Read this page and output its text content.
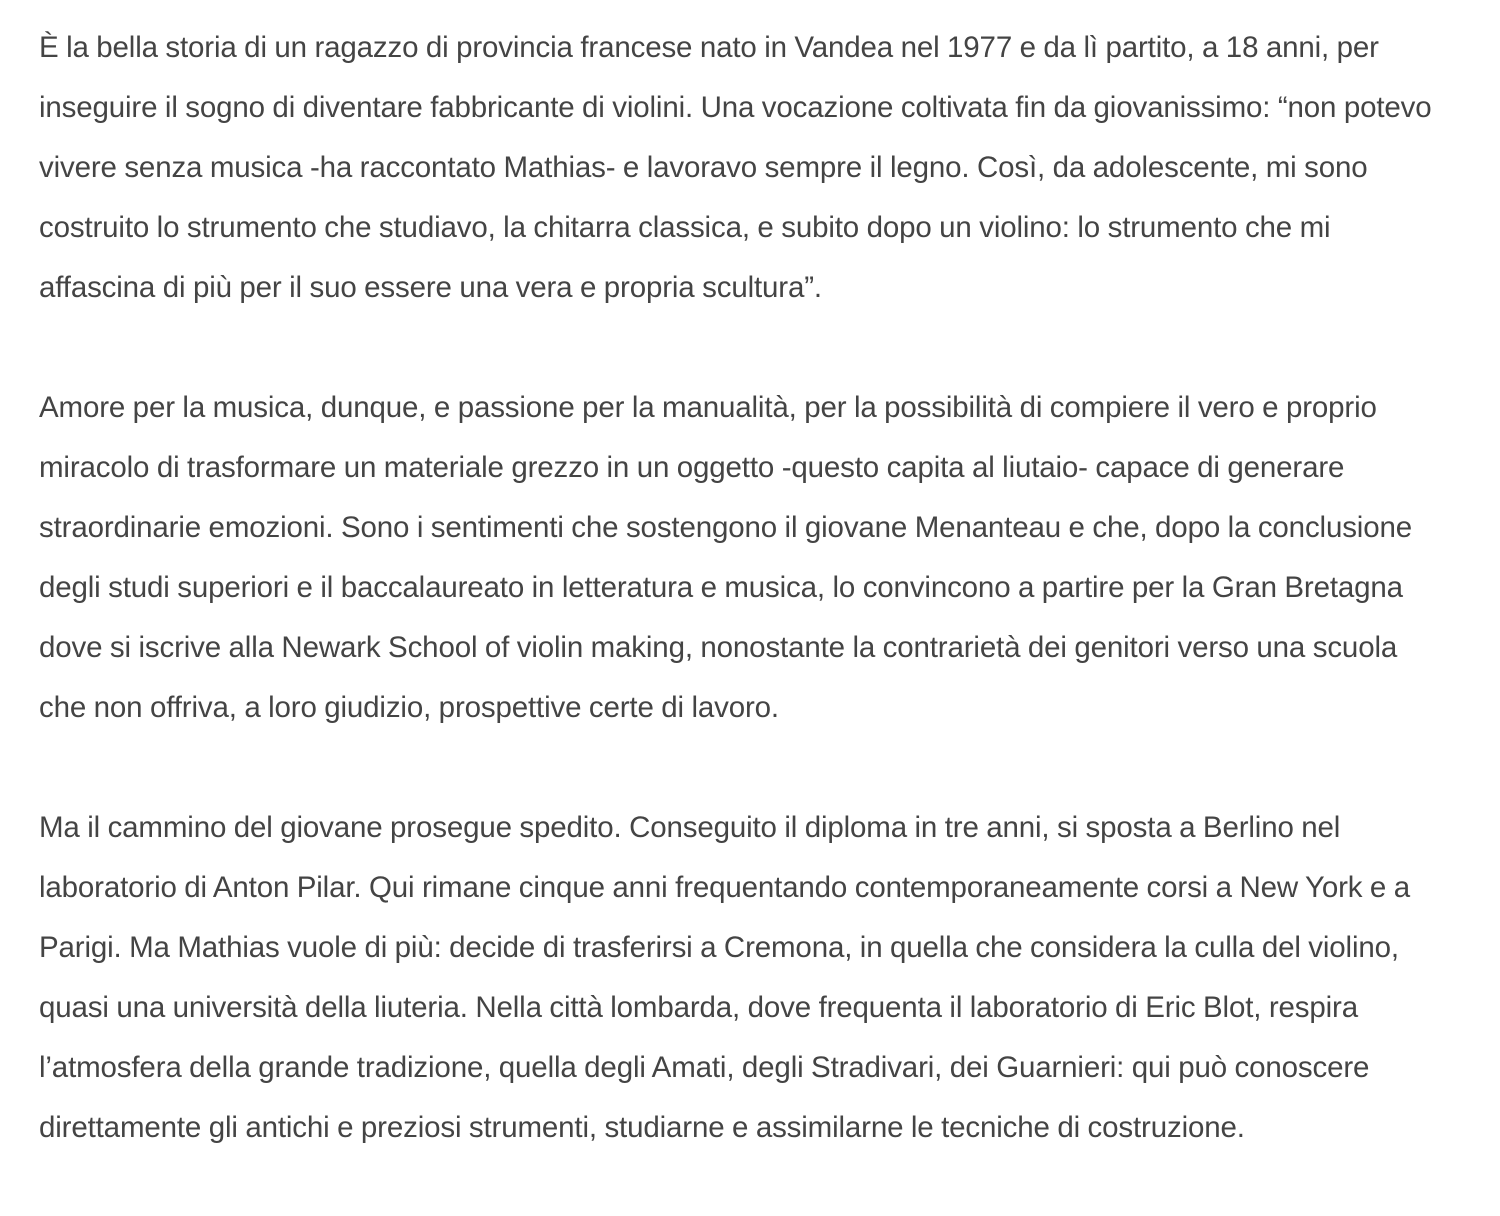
È la bella storia di un ragazzo di provincia francese nato in Vandea nel 1977 e da lì partito, a 18 anni, per inseguire il sogno di diventare fabbricante di violini. Una vocazione coltivata fin da giovanissimo: “non potevo vivere senza musica -ha raccontato Mathias- e lavoravo sempre il legno. Così, da adolescente, mi sono costruito lo strumento che studiavo, la chitarra classica, e subito dopo un violino: lo strumento che mi affascina di più per il suo essere una vera e propria scultura”.

Amore per la musica, dunque, e passione per la manualità, per la possibilità di compiere il vero e proprio miracolo di trasformare un materiale grezzo in un oggetto -questo capita al liutaio- capace di generare straordinarie emozioni. Sono i sentimenti che sostengono il giovane Menanteau e che, dopo la conclusione degli studi superiori e il baccalaureato in letteratura e musica, lo convincono a partire per la Gran Bretagna dove si iscrive alla Newark School of violin making, nonostante la contrarietà dei genitori verso una scuola che non offriva, a loro giudizio, prospettive certe di lavoro.

Ma il cammino del giovane prosegue spedito. Conseguito il diploma in tre anni, si sposta a Berlino nel laboratorio di Anton Pilar. Qui rimane cinque anni frequentando contemporaneamente corsi a New York e a Parigi. Ma Mathias vuole di più: decide di trasferirsi a Cremona, in quella che considera la culla del violino, quasi una università della liuteria. Nella città lombarda, dove frequenta il laboratorio di Eric Blot, respira l’atmosfera della grande tradizione, quella degli Amati, degli Stradivari, dei Guarnieri: qui può conoscere direttamente gli antichi e preziosi strumenti, studiarne e assimilarne le tecniche di costruzione.
